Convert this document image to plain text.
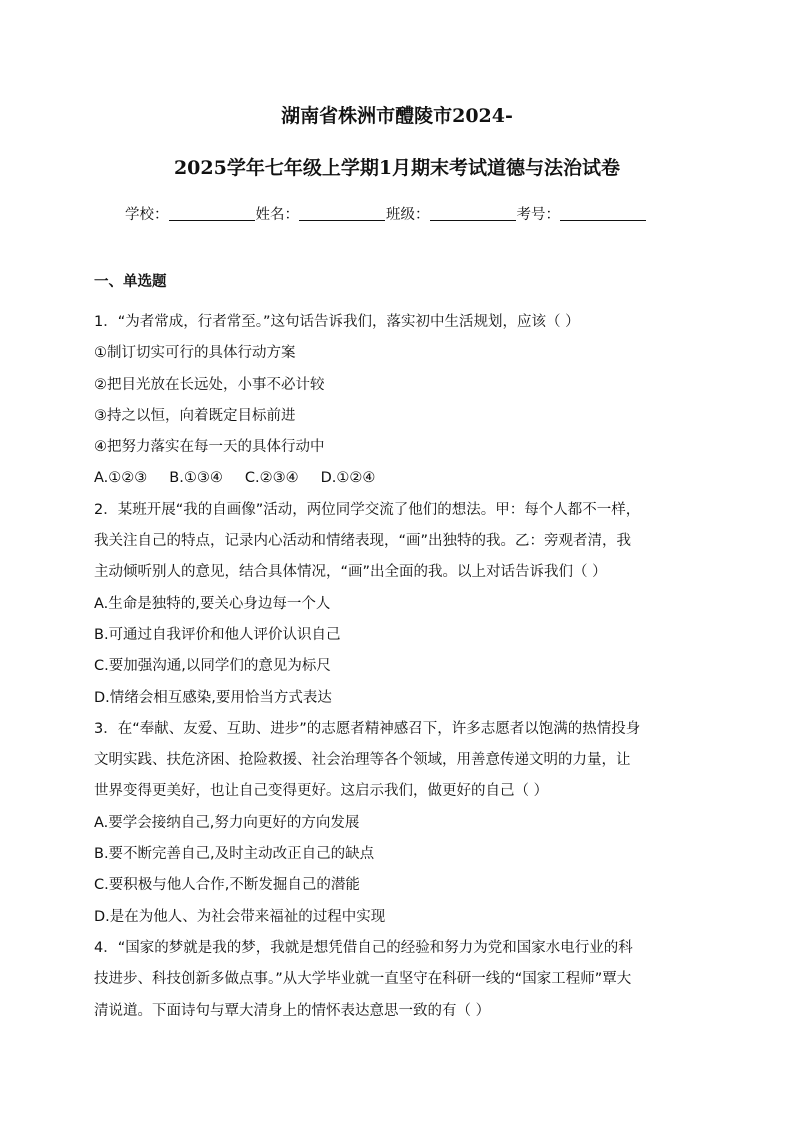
湖南省株洲市醴陵市2024-
2025学年七年级上学期1月期末考试道德与法治试卷
学校：	姓名：	班级：	考号：
一、单选题
1．“为者常成，行者常至。”这句话告诉我们，落实初中生活规划，应该（ ）
①制订切实可行的具体行动方案
②把目光放在长远处，小事不必计较
③持之以恒，向着既定目标前进
④把努力落实在每一天的具体行动中
A.①②③ B.①③④ C.②③④ D.①②④
2．某班开展“我的自画像”活动，两位同学交流了他们的想法。甲：每个人都不一样，
我关注自己的特点，记录内心活动和情绪表现，“画”出独特的我。乙：旁观者清，我
主动倾听别人的意见，结合具体情况，“画”出全面的我。以上对话告诉我们（ ）
A.生命是独特的,要关心身边每一个人
B.可通过自我评价和他人评价认识自己
C.要加强沟通,以同学们的意见为标尺
D.情绪会相互感染,要用恰当方式表达
3．在“奉献、友爱、互助、进步”的志愿者精神感召下，许多志愿者以饱满的热情投身
文明实践、扶危济困、抢险救援、社会治理等各个领域，用善意传递文明的力量，让
世界变得更美好，也让自己变得更好。这启示我们，做更好的自己（ ）
A.要学会接纳自己,努力向更好的方向发展
B.要不断完善自己,及时主动改正自己的缺点
C.要积极与他人合作,不断发掘自己的潜能
D.是在为他人、为社会带来福祉的过程中实现
4．“国家的梦就是我的梦，我就是想凭借自己的经验和努力为党和国家水电行业的科
技进步、科技创新多做点事。”从大学毕业就一直坚守在科研一线的“国家工程师”覃大
清说道。下面诗句与覃大清身上的情怀表达意思一致的有（ ）
